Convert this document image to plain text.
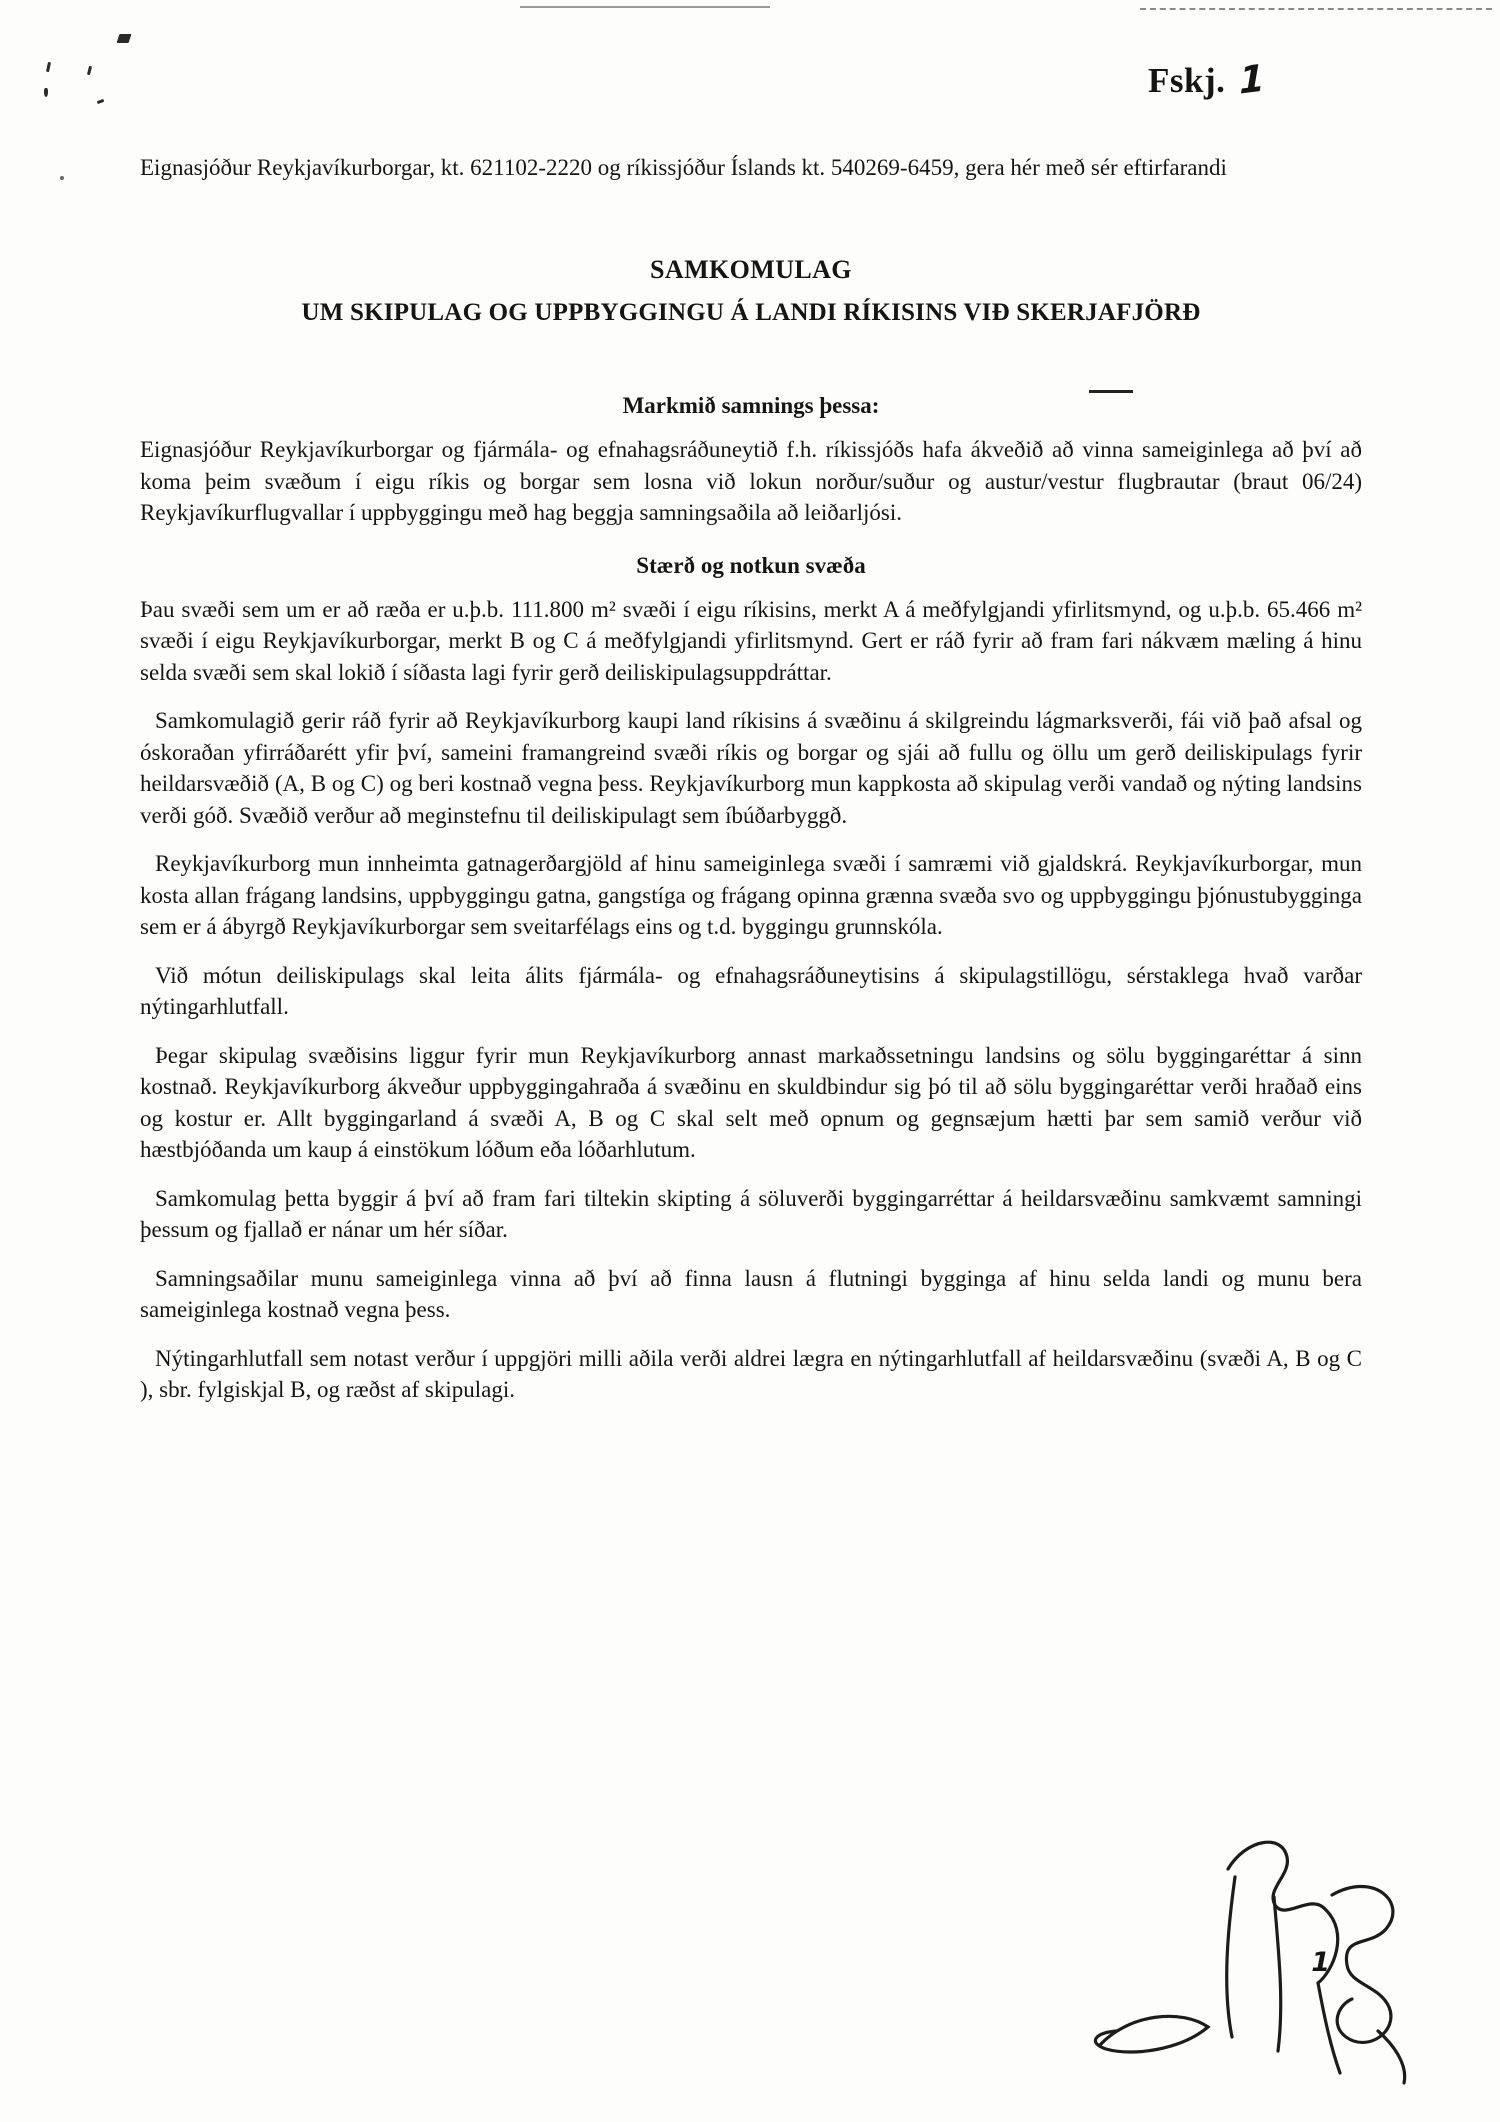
Fskj. 1

Eignasjóður Reykjavíkurborgar, kt. 621102-2220 og ríkissjóður Íslands kt. 540269-6459, gera hér með sér eftirfarandi

SAMKOMULAG
UM SKIPULAG OG UPPBYGGINGU Á LANDI RÍKISINS VIÐ SKERJAFJÖRÐ
Markmið samnings þessa:

Eignasjóður Reykjavíkurborgar og fjármála- og efnahagsráðuneytið f.h. ríkissjóðs hafa ákveðið að vinna sameiginlega að því að koma þeim svæðum í eigu ríkis og borgar sem losna við lokun norður/suður og austur/vestur flugbrautar (braut 06/24) Reykjavíkurflugvallar í uppbyggingu með hag beggja samningsaðila að leiðarljósi.

Stærð og notkun svæða

Þau svæði sem um er að ræða er u.þ.b. 111.800 m² svæði í eigu ríkisins, merkt A á meðfylgjandi yfirlitsmynd, og u.þ.b. 65.466 m² svæði í eigu Reykjavíkurborgar, merkt B og C á meðfylgjandi yfirlitsmynd. Gert er ráð fyrir að fram fari nákvæm mæling á hinu selda svæði sem skal lokið í síðasta lagi fyrir gerð deiliskipulagsuppdráttar.

Samkomulagið gerir ráð fyrir að Reykjavíkurborg kaupi land ríkisins á svæðinu á skilgreindu lágmarksverði, fái við það afsal og óskoraðan yfirráðarétt yfir því, sameini framangreind svæði ríkis og borgar og sjái að fullu og öllu um gerð deiliskipulags fyrir heildarsvæðið (A, B og C) og beri kostnað vegna þess. Reykjavíkurborg mun kappkosta að skipulag verði vandað og nýting landsins verði góð. Svæðið verður að meginstefnu til deiliskipulagt sem íbúðarbyggð.

Reykjavíkurborg mun innheimta gatnagerðargjöld af hinu sameiginlega svæði í samræmi við gjaldskrá. Reykjavíkurborgar, mun kosta allan frágang landsins, uppbyggingu gatna, gangstíga og frágang opinna grænna svæða svo og uppbyggingu þjónustubygginga sem er á ábyrgð Reykjavíkurborgar sem sveitarfélags eins og t.d. byggingu grunnskóla.

Við mótun deiliskipulags skal leita álits fjármála- og efnahagsráðuneytisins á skipulagstillögu, sérstaklega hvað varðar nýtingarhlutfall.

Þegar skipulag svæðisins liggur fyrir mun Reykjavíkurborg annast markaðssetningu landsins og sölu byggingaréttar á sinn kostnað. Reykjavíkurborg ákveður uppbyggingahraða á svæðinu en skuldbindur sig þó til að sölu byggingaréttar verði hraðað eins og kostur er. Allt byggingarland á svæði A, B og C skal selt með opnum og gegnsæjum hætti þar sem samið verður við hæstbjóðanda um kaup á einstökum lóðum eða lóðarhlutum.

Samkomulag þetta byggir á því að fram fari tiltekin skipting á söluverði byggingarréttar á heildarsvæðinu samkvæmt samningi þessum og fjallað er nánar um hér síðar.

Samningsaðilar munu sameiginlega vinna að því að finna lausn á flutningi bygginga af hinu selda landi og munu bera sameiginlega kostnað vegna þess.

Nýtingarhlutfall sem notast verður í uppgjöri milli aðila verði aldrei lægra en nýtingarhlutfall af heildarsvæðinu (svæði A, B og C ), sbr. fylgiskjal B, og ræðst af skipulagi.

1
